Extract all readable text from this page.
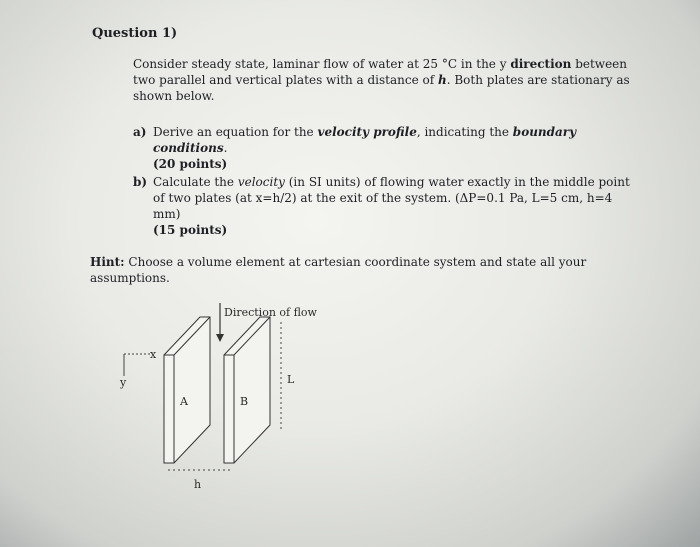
Question 1)
Consider steady state, laminar flow of water at 25 °C in the y direction between two parallel and vertical plates with a distance of h. Both plates are stationary as shown below.
a) Derive an equation for the velocity profile, indicating the boundary conditions.
(20 points)
b) Calculate the velocity (in SI units) of flowing water exactly in the middle point of two plates (at x=h/2) at the exit of the system. (ΔP=0.1 Pa, L=5 cm, h=4 mm)
(15 points)
Hint: Choose a volume element at cartesian coordinate system and state all your assumptions.
Direction of flow
x
y
A	B
L
h
